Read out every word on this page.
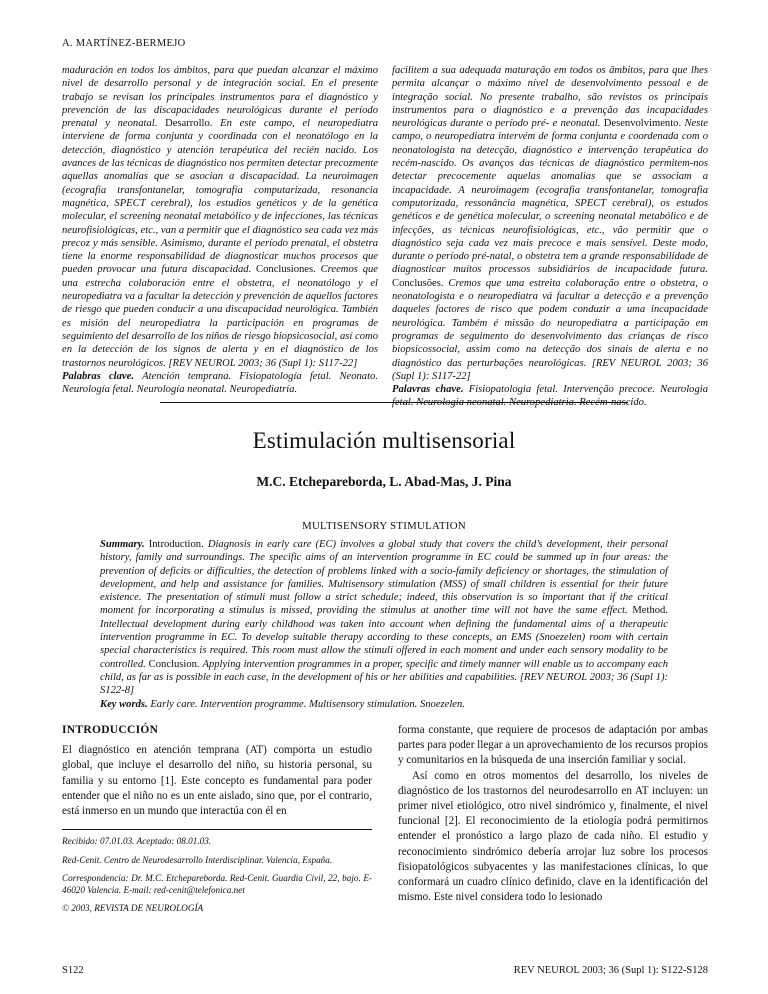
A. MARTÍNEZ-BERMEJO
maduración en todos los ámbitos, para que puedan alcanzar el máximo nivel de desarrollo personal y de integración social. En el presente trabajo se revisan los principales instrumentos para el diagnóstico y prevención de las discapacidades neurológicas durante el período prenatal y neonatal. Desarrollo. En este campo, el neuropediatra interviene de forma conjunta y coordinada con el neonatólogo en la detección, diagnóstico y atención terapéutica del recién nacido. Los avances de las técnicas de diagnóstico nos permiten detectar precozmente aquellas anomalías que se asocian a discapacidad. La neuroimagen (ecografía transfontanelar, tomografía computarizada, resonancia magnética, SPECT cerebral), los estudios genéticos y de la genética molecular, el screening neonatal metabólico y de infecciones, las técnicas neurofisiológicas, etc., van a permitir que el diagnóstico sea cada vez más precoz y más sensible. Asimismo, durante el período prenatal, el obstetra tiene la enorme responsabilidad de diagnosticar muchos procesos que pueden provocar una futura discapacidad. Conclusiones. Creemos que una estrecha colaboración entre el obstetra, el neonatólogo y el neuropediatra va a facultar la detección y prevención de aquellos factores de riesgo que pueden conducir a una discapacidad neurológica. También es misión del neuropediatra la participación en programas de seguimiento del desarrollo de los niños de riesgo biopsicosocial, así como en la detección de los signos de alerta y en el diagnóstico de los trastornos neurológicos. [REV NEUROL 2003; 36 (Supl 1): S117-22]
Palabras clave. Atención temprana. Fisiopatología fetal. Neonato. Neurología fetal. Neurología neonatal. Neuropediatría.
facilitem a sua adequada maturação em todos os âmbitos, para que lhes permita alcançar o máximo nível de desenvolvimento pessoal e de integração social. No presente trabalho, são revistos os principais instrumentos para o diagnóstico e a prevenção das incapacidades neurológicas durante o período pré- e neonatal. Desenvolvimento. Neste campo, o neuropediatra intervém de forma conjunta e coordenada com o neonatologista na detecção, diagnóstico e intervenção terapêutica do recém-nascido. Os avanços das técnicas de diagnóstico permitem-nos detectar precocemente aquelas anomalias que se associam a incapacidade. A neuroimagem (ecografia transfontanelar, tomografia computorizada, ressonância magnética, SPECT cerebral), os estudos genéticos e de genética molecular, o screening neonatal metabólico e de infecções, as técnicas neurofisiológicas, etc., vão permitir que o diagnóstico seja cada vez mais precoce e mais sensível. Deste modo, durante o período pré-natal, o obstetra tem a grande responsabilidade de diagnosticar muitos processos subsidiários de incapacidade futura. Conclusões. Cremos que uma estreita colaboração entre o obstetra, o neonatologista e o neuropediatra vá facultar a detecção e a prevenção daqueles factores de risco que podem conduzir a uma incapacidade neurológica. Também é missão do neuropediatra a participação em programas de seguimento do desenvolvimento das crianças de risco biopsicossocial, assim como na detecção dos sinais de alerta e no diagnóstico das perturbações neurológicas. [REV NEUROL 2003; 36 (Supl 1): S117-22]
Palavras chave. Fisiopatologia fetal. Intervenção precoce. Neurologia fetal. Neurologia neonatal. Neuropediatria. Recém-nascido.
Estimulación multisensorial
M.C. Etchepareborda, L. Abad-Mas, J. Pina
MULTISENSORY STIMULATION
Summary. Introduction. Diagnosis in early care (EC) involves a global study that covers the child’s development, their personal history, family and surroundings. The specific aims of an intervention programme in EC could be summed up in four areas: the prevention of deficits or difficulties, the detection of problems linked with a socio-family deficiency or shortages, the stimulation of development, and help and assistance for families. Multisensory stimulation (MSS) of small children is essential for their future existence. The presentation of stimuli must follow a strict schedule; indeed, this observation is so important that if the critical moment for incorporating a stimulus is missed, providing the stimulus at another time will not have the same effect. Method. Intellectual development during early childhood was taken into account when defining the fundamental aims of a therapeutic intervention programme in EC. To develop suitable therapy according to these concepts, an EMS (Snoezelen) room with certain special characteristics is required. This room must allow the stimuli offered in each moment and under each sensory modality to be controlled. Conclusion. Applying intervention programmes in a proper, specific and timely manner will enable us to accompany each child, as far as is possible in each case, in the development of his or her abilities and capabilities. [REV NEUROL 2003; 36 (Supl 1): S122-8]
Key words. Early care. Intervention programme. Multisensory stimulation. Snoezelen.
INTRODUCCIÓN

El diagnóstico en atención temprana (AT) comporta un estudio global, que incluye el desarrollo del niño, su historia personal, su familia y su entorno [1]. Este concepto es fundamental para poder entender que el niño no es un ente aislado, sino que, por el contrario, está inmerso en un mundo que interactúa con él en

Recibido: 07.01.03. Aceptado: 08.01.03.

Red-Cenit. Centro de Neurodesarrollo Interdisciplinar. Valencia, España.

Correspondencia: Dr. M.C. Etchepareborda. Red-Cenit. Guardia Civil, 22, bajo. E-46020 Valencia. E-mail: red-cenit@telefonica.net

© 2003, REVISTA DE NEUROLOGÍA

forma constante, que requiere de procesos de adaptación por ambas partes para poder llegar a un aprovechamiento de los recursos propios y comunitarios en la búsqueda de una inserción familiar y social.

Así como en otros momentos del desarrollo, los niveles de diagnóstico de los trastornos del neurodesarrollo en AT incluyen: un primer nivel etiológico, otro nivel sindrómico y, finalmente, el nivel funcional [2]. El reconocimiento de la etiología podrá permitirnos entender el pronóstico a largo plazo de cada niño. El estudio y reconocimiento sindrómico debería arrojar luz sobre los procesos fisiopatológicos subyacentes y las manifestaciones clínicas, lo que conformará un cuadro clínico definido, clave en la identificación del mismo. Este nivel considera todo lo lesionado

S122	REV NEUROL 2003; 36 (Supl 1): S122-S128
